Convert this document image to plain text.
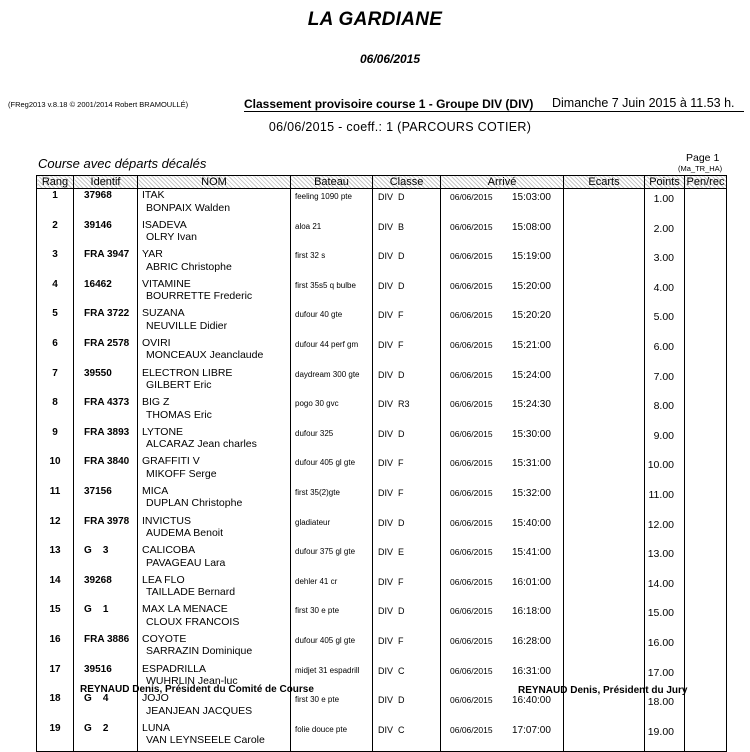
LA GARDIANE
06/06/2015
(FReg2013 v.8.18 © 2001/2014 Robert BRAMOULLÉ)	Classement provisoire course 1 - Groupe DIV (DIV) Dimanche 7 Juin 2015 à 11.53 h.
06/06/2015 - coeff.: 1 (PARCOURS COTIER)
Course avec départs décalés	Page 1
(Ma_TR_HA)
Rang	Identif	NOM	Bateau	Classe	Arrivé	Ecarts	Points	Pen/rec
1	37968	ITAK
BONPAIX Walden	feeling 1090 pte	DIV  D	06/06/2015 15:03:00		1.00	
2	39146	ISADEVA
OLRY Ivan	aloa 21	DIV  B	06/06/2015 15:08:00		2.00	
3	FRA 3947	YAR
ABRIC Christophe	first 32 s	DIV  D	06/06/2015 15:19:00		3.00	
4	16462	VITAMINE
BOURRETTE Frederic	first 35s5 q bulbe	DIV  D	06/06/2015 15:20:00		4.00	
5	FRA 3722	SUZANA
NEUVILLE Didier	dufour 40 gte	DIV  F	06/06/2015 15:20:20		5.00	
6	FRA 2578	OVIRI
MONCEAUX Jeanclaude	dufour 44 perf gm	DIV  F	06/06/2015 15:21:00		6.00	
7	39550	ELECTRON LIBRE
GILBERT Eric	daydream 300 gte	DIV  D	06/06/2015 15:24:00		7.00	
8	FRA 4373	BIG Z
THOMAS Eric	pogo 30 gvc	DIV  R3	06/06/2015 15:24:30		8.00	
9	FRA 3893	LYTONE
ALCARAZ Jean charles	dufour 325	DIV  D	06/06/2015 15:30:00		9.00	
10	FRA 3840	GRAFFITI V
MIKOFF Serge	dufour 405 gl gte	DIV  F	06/06/2015 15:31:00		10.00	
11	37156	MICA
DUPLAN Christophe	first 35(2)gte	DIV  F	06/06/2015 15:32:00		11.00	
12	FRA 3978	INVICTUS
AUDEMA Benoit	gladiateur	DIV  D	06/06/2015 15:40:00		12.00	
13	G    3	CALICOBA
PAVAGEAU Lara	dufour 375 gl gte	DIV  E	06/06/2015 15:41:00		13.00	
14	39268	LEA FLO
TAILLADE Bernard	dehler 41 cr	DIV  F	06/06/2015 16:01:00		14.00	
15	G    1	MAX LA MENACE
CLOUX FRANCOIS	first 30 e pte	DIV  D	06/06/2015 16:18:00		15.00	
16	FRA 3886	COYOTE
SARRAZIN Dominique	dufour 405 gl gte	DIV  F	06/06/2015 16:28:00		16.00	
17	39516	ESPADRILLA
WUHRLIN Jean-luc	midjet 31 espadrill	DIV  C	06/06/2015 16:31:00		17.00	
18	G    4	JOJO
JEANJEAN JACQUES	first 30 e pte	DIV  D	06/06/2015 16:40:00		18.00	
19	G    2	LUNA
VAN LEYNSEELE Carole	folie douce pte	DIV  C	06/06/2015 17:07:00		19.00	
REYNAUD Denis, Président du Comité de Course	REYNAUD Denis, Président du Jury
